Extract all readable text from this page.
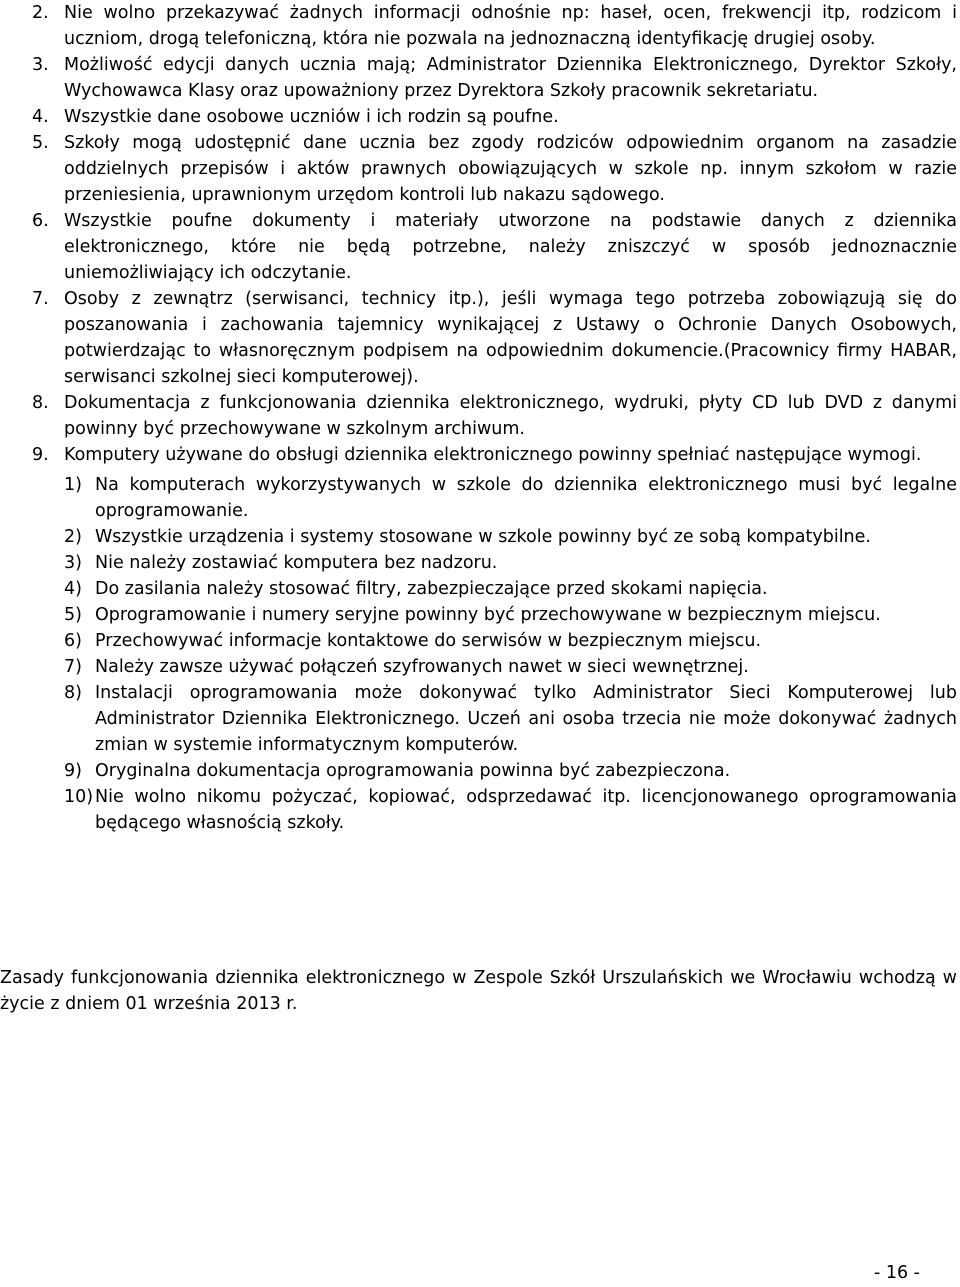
2. Nie wolno przekazywać żadnych informacji odnośnie np: haseł, ocen, frekwencji itp, rodzicom i uczniom, drogą telefoniczną, która nie pozwala na jednoznaczną identyfikację drugiej osoby.
3. Możliwość edycji danych ucznia mają; Administrator Dziennika Elektronicznego, Dyrektor Szkoły, Wychowawca Klasy oraz upoważniony przez Dyrektora Szkoły pracownik sekretariatu.
4. Wszystkie dane osobowe uczniów i ich rodzin są poufne.
5. Szkoły mogą udostępnić dane ucznia bez zgody rodziców odpowiednim organom na zasadzie oddzielnych przepisów i aktów prawnych obowiązujących w szkole np. innym szkołom w razie przeniesienia, uprawnionym urzędom kontroli lub nakazu sądowego.
6. Wszystkie poufne dokumenty i materiały utworzone na podstawie danych z dziennika elektronicznego, które nie będą potrzebne, należy zniszczyć w sposób jednoznacznie uniemożliwiający ich odczytanie.
7. Osoby z zewnątrz (serwisanci, technicy itp.), jeśli wymaga tego potrzeba zobowiązują się do poszanowania i zachowania tajemnicy wynikającej z Ustawy o Ochronie Danych Osobowych, potwierdzając to własnoręcznym podpisem na odpowiednim dokumencie.(Pracownicy firmy HABAR, serwisanci szkolnej sieci komputerowej).
8. Dokumentacja z funkcjonowania dziennika elektronicznego, wydruki, płyty CD lub DVD z danymi powinny być przechowywane w szkolnym archiwum.
9. Komputery używane do obsługi dziennika elektronicznego powinny spełniać następujące wymogi.
1) Na komputerach wykorzystywanych w szkole do dziennika elektronicznego musi być legalne oprogramowanie.
2) Wszystkie urządzenia i systemy stosowane w szkole powinny być ze sobą kompatybilne.
3) Nie należy zostawiać komputera bez nadzoru.
4) Do zasilania należy stosować filtry, zabezpieczające przed skokami napięcia.
5) Oprogramowanie i numery seryjne powinny być przechowywane w bezpiecznym miejscu.
6) Przechowywać informacje kontaktowe do serwisów w bezpiecznym miejscu.
7) Należy zawsze używać połączeń szyfrowanych nawet w sieci wewnętrznej.
8) Instalacji oprogramowania może dokonywać tylko Administrator Sieci Komputerowej lub Administrator Dziennika Elektronicznego. Uczeń ani osoba trzecia nie może dokonywać żadnych zmian w systemie informatycznym komputerów.
9) Oryginalna dokumentacja oprogramowania powinna być zabezpieczona.
10) Nie wolno nikomu pożyczać, kopiować, odsprzedawać itp. licencjonowanego oprogramowania będącego własnością szkoły.
Zasady funkcjonowania dziennika elektronicznego w Zespole Szkół Urszulańskich we Wrocławiu wchodzą w życie z dniem 01 września 2013 r.
- 16 -
